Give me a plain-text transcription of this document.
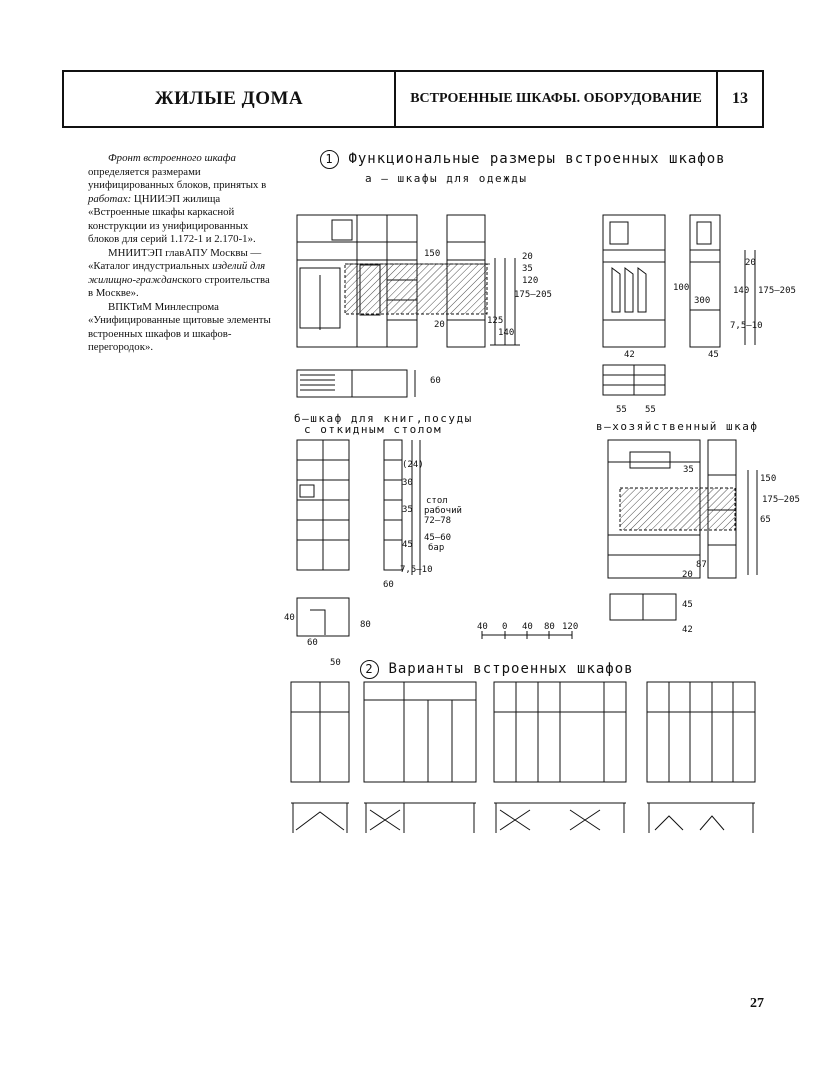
ЖИЛЫЕ ДОМА	ВСТРОЕННЫЕ ШКАФЫ. ОБОРУДОВАНИЕ	13

Фронт встроенного шкафа определяется размерами унифицированных блоков, принятых в работах: ЦНИИЭП жилища «Встроенные шкафы каркасной конструкции из унифицированных блоков для серий 1.172-1 и 2.170-1».

МНИИТЭП главАПУ Москвы — «Каталог индустриальных изделий для жилищно-гражданского строительства в Москве».

ВПКТиМ Минлеспрома «Унифицированные щитовые элементы встроенных шкафов и шкафов-перегородок».

1 Функциональные размеры встроенных шкафов
а – шкафы для одежды
б–шкаф для книг,посуды
с откидным столом	в–хозяйственный шкаф
150	20
35
120
125
140
175–205
20
60
100
300
140 175–205
7,5–10
20
42	45
55 55
(24)
30
35
45
стол
рабочий
72–78
45–60
бар
7,5–10
60
40
60
80
50
35
150
65
175–205
20
87
45
42
40 0 40 80 120
2 Варианты встроенных шкафов
27
